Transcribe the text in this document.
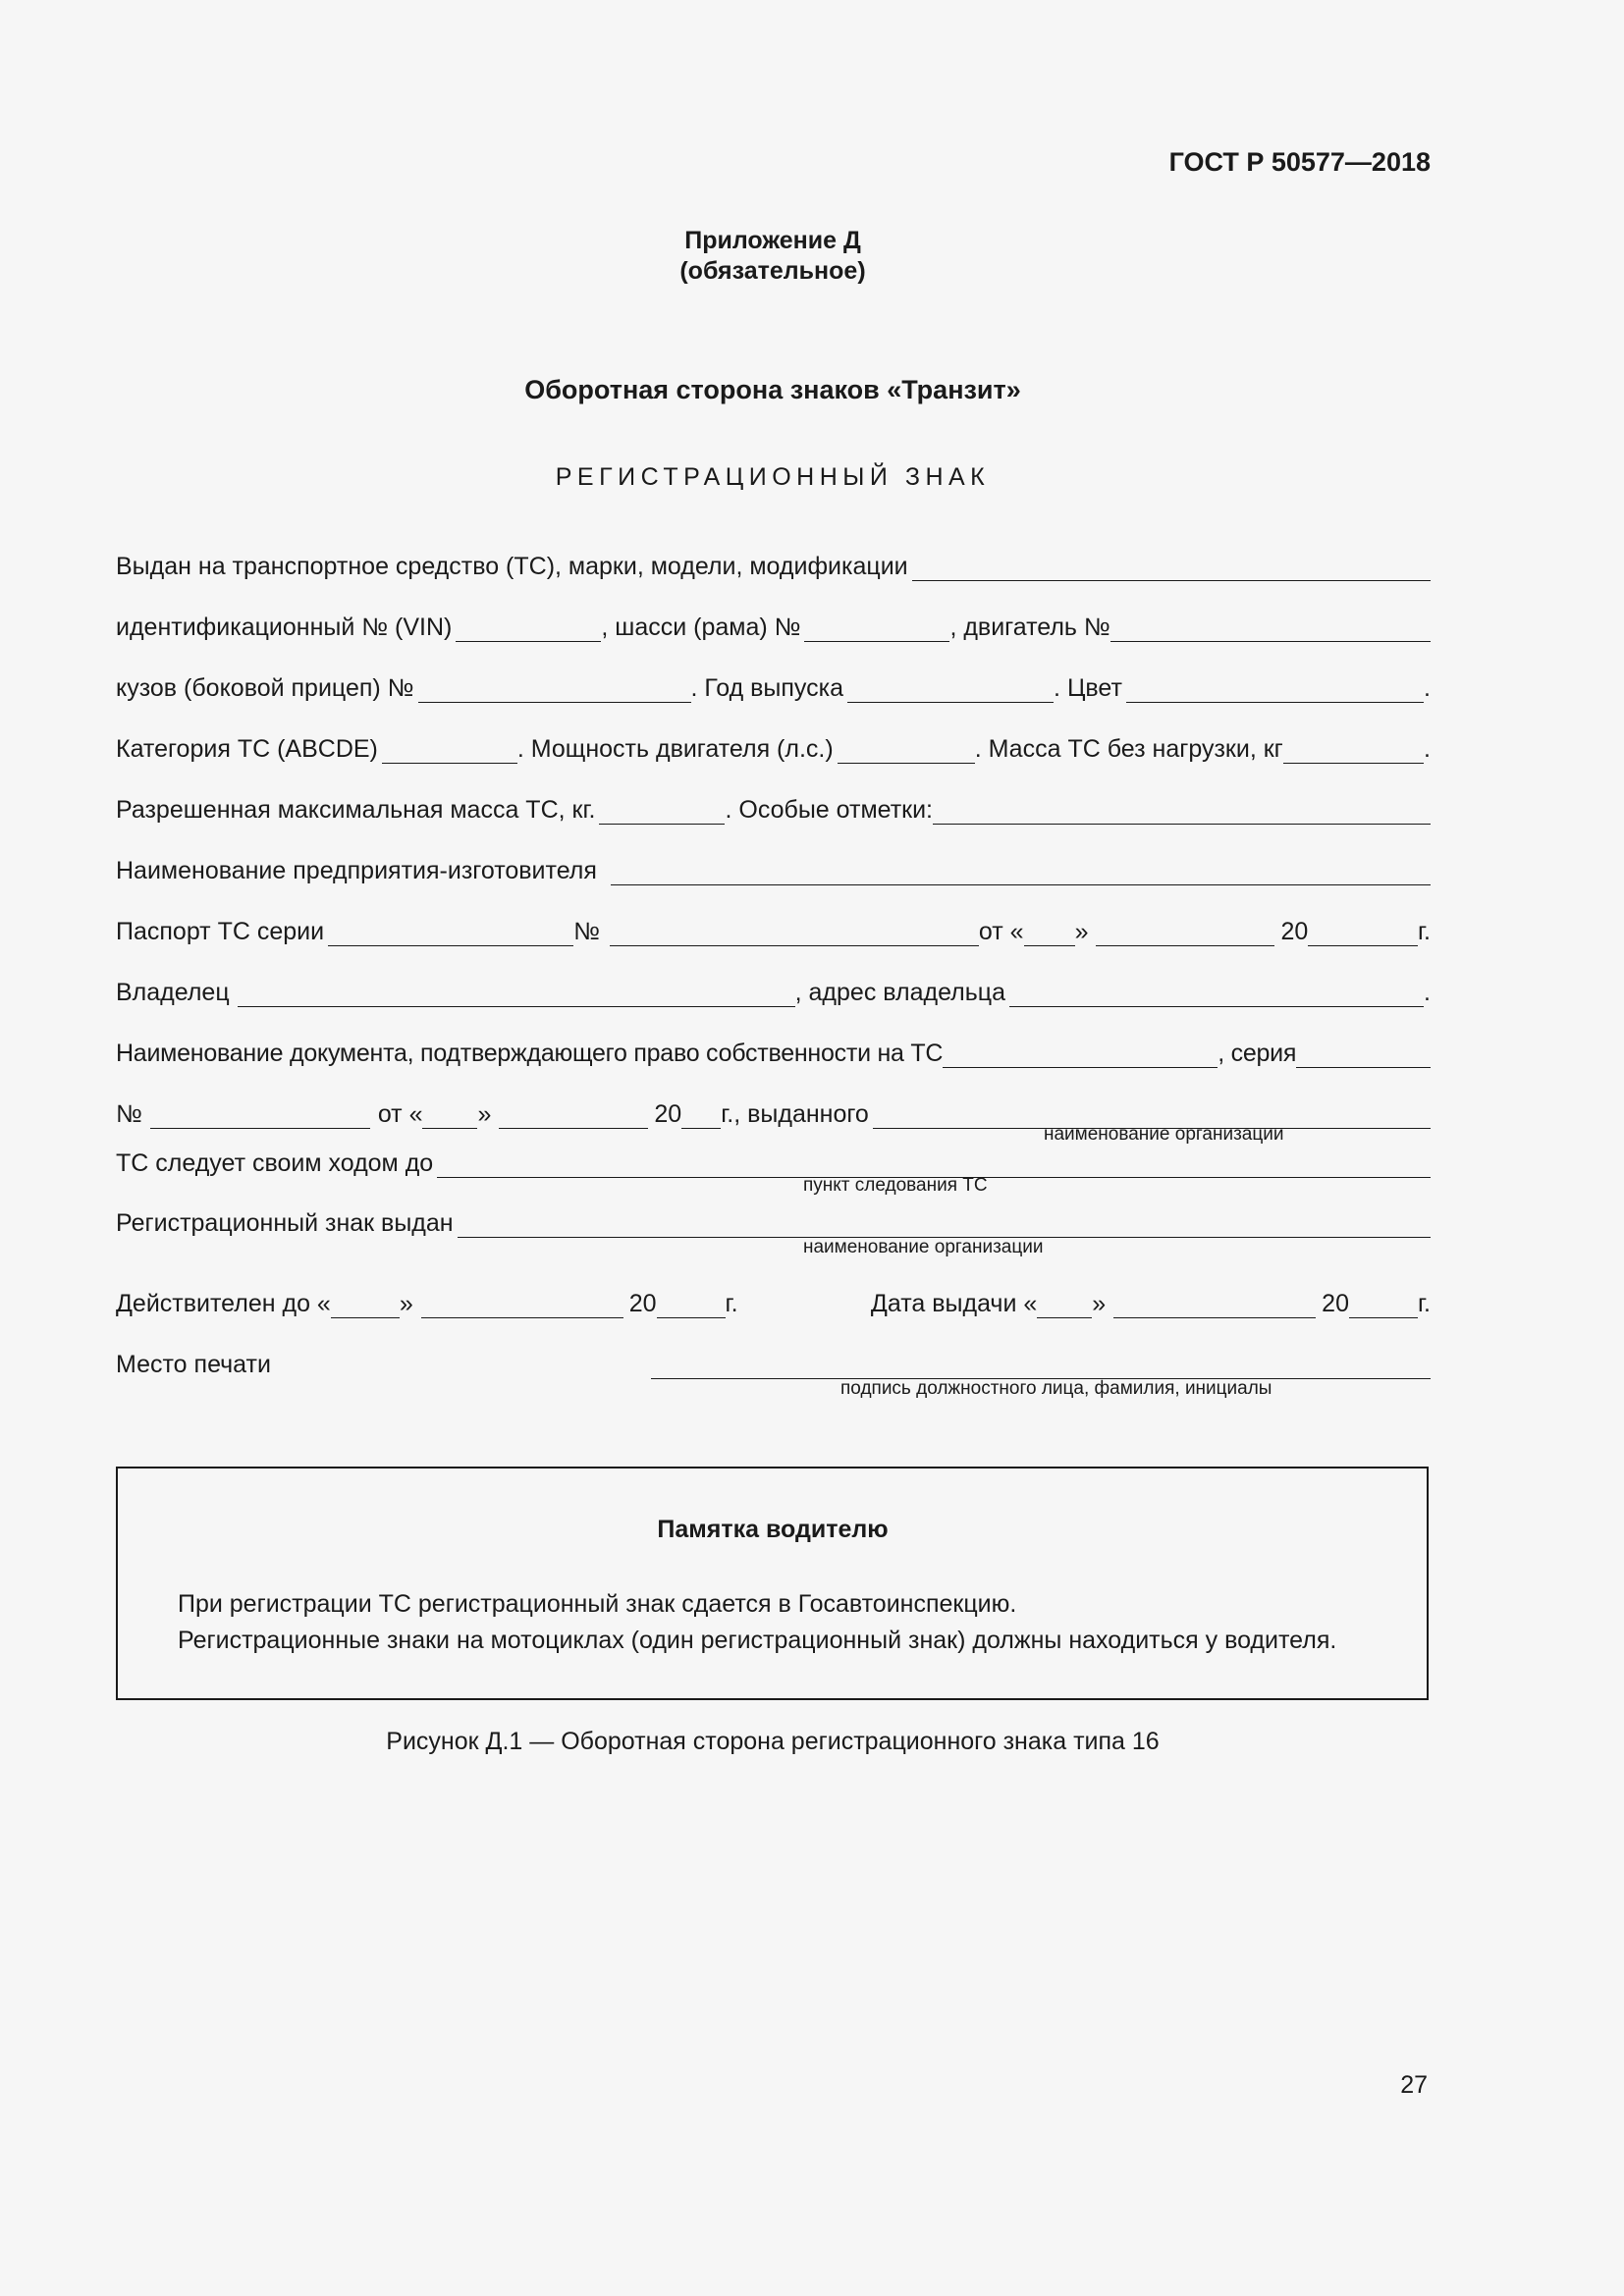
ГОСТ Р 50577—2018
Приложение Д
(обязательное)
Оборотная сторона знаков «Транзит»
РЕГИСТРАЦИОННЫЙ ЗНАК
Выдан на транспортное средство (ТС), марки, модели, модификации
идентификационный № (VIN)	, шасси (рама) №	, двигатель №
кузов (боковой прицеп) №	. Год выпуска	. Цвет	.
Категория ТС (ABCDE)	. Мощность двигателя (л.с.)	. Масса ТС без нагрузки, кг	.
Разрешенная максимальная масса ТС, кг.	. Особые отметки:
Наименование предприятия-изготовителя
Паспорт ТС серии	№	от « »	20	г.
Владелец	, адрес владельца	.
Наименование документа, подтверждающего право собственности на ТС	, серия
№	от « »	20 г., выданного
наименование организации
ТС следует своим ходом до
пункт следования ТС
Регистрационный знак выдан
наименование организации
Действителен до «	»	20	г.	Дата выдачи « »	20	г.
Место печати
подпись должностного лица, фамилия, инициалы
Памятка водителю
При регистрации ТС регистрационный знак сдается в Госавтоинспекцию.
Регистрационные знаки на мотоциклах (один регистрационный знак) должны находиться у водителя.
Рисунок Д.1 — Оборотная сторона регистрационного знака типа 16
27
